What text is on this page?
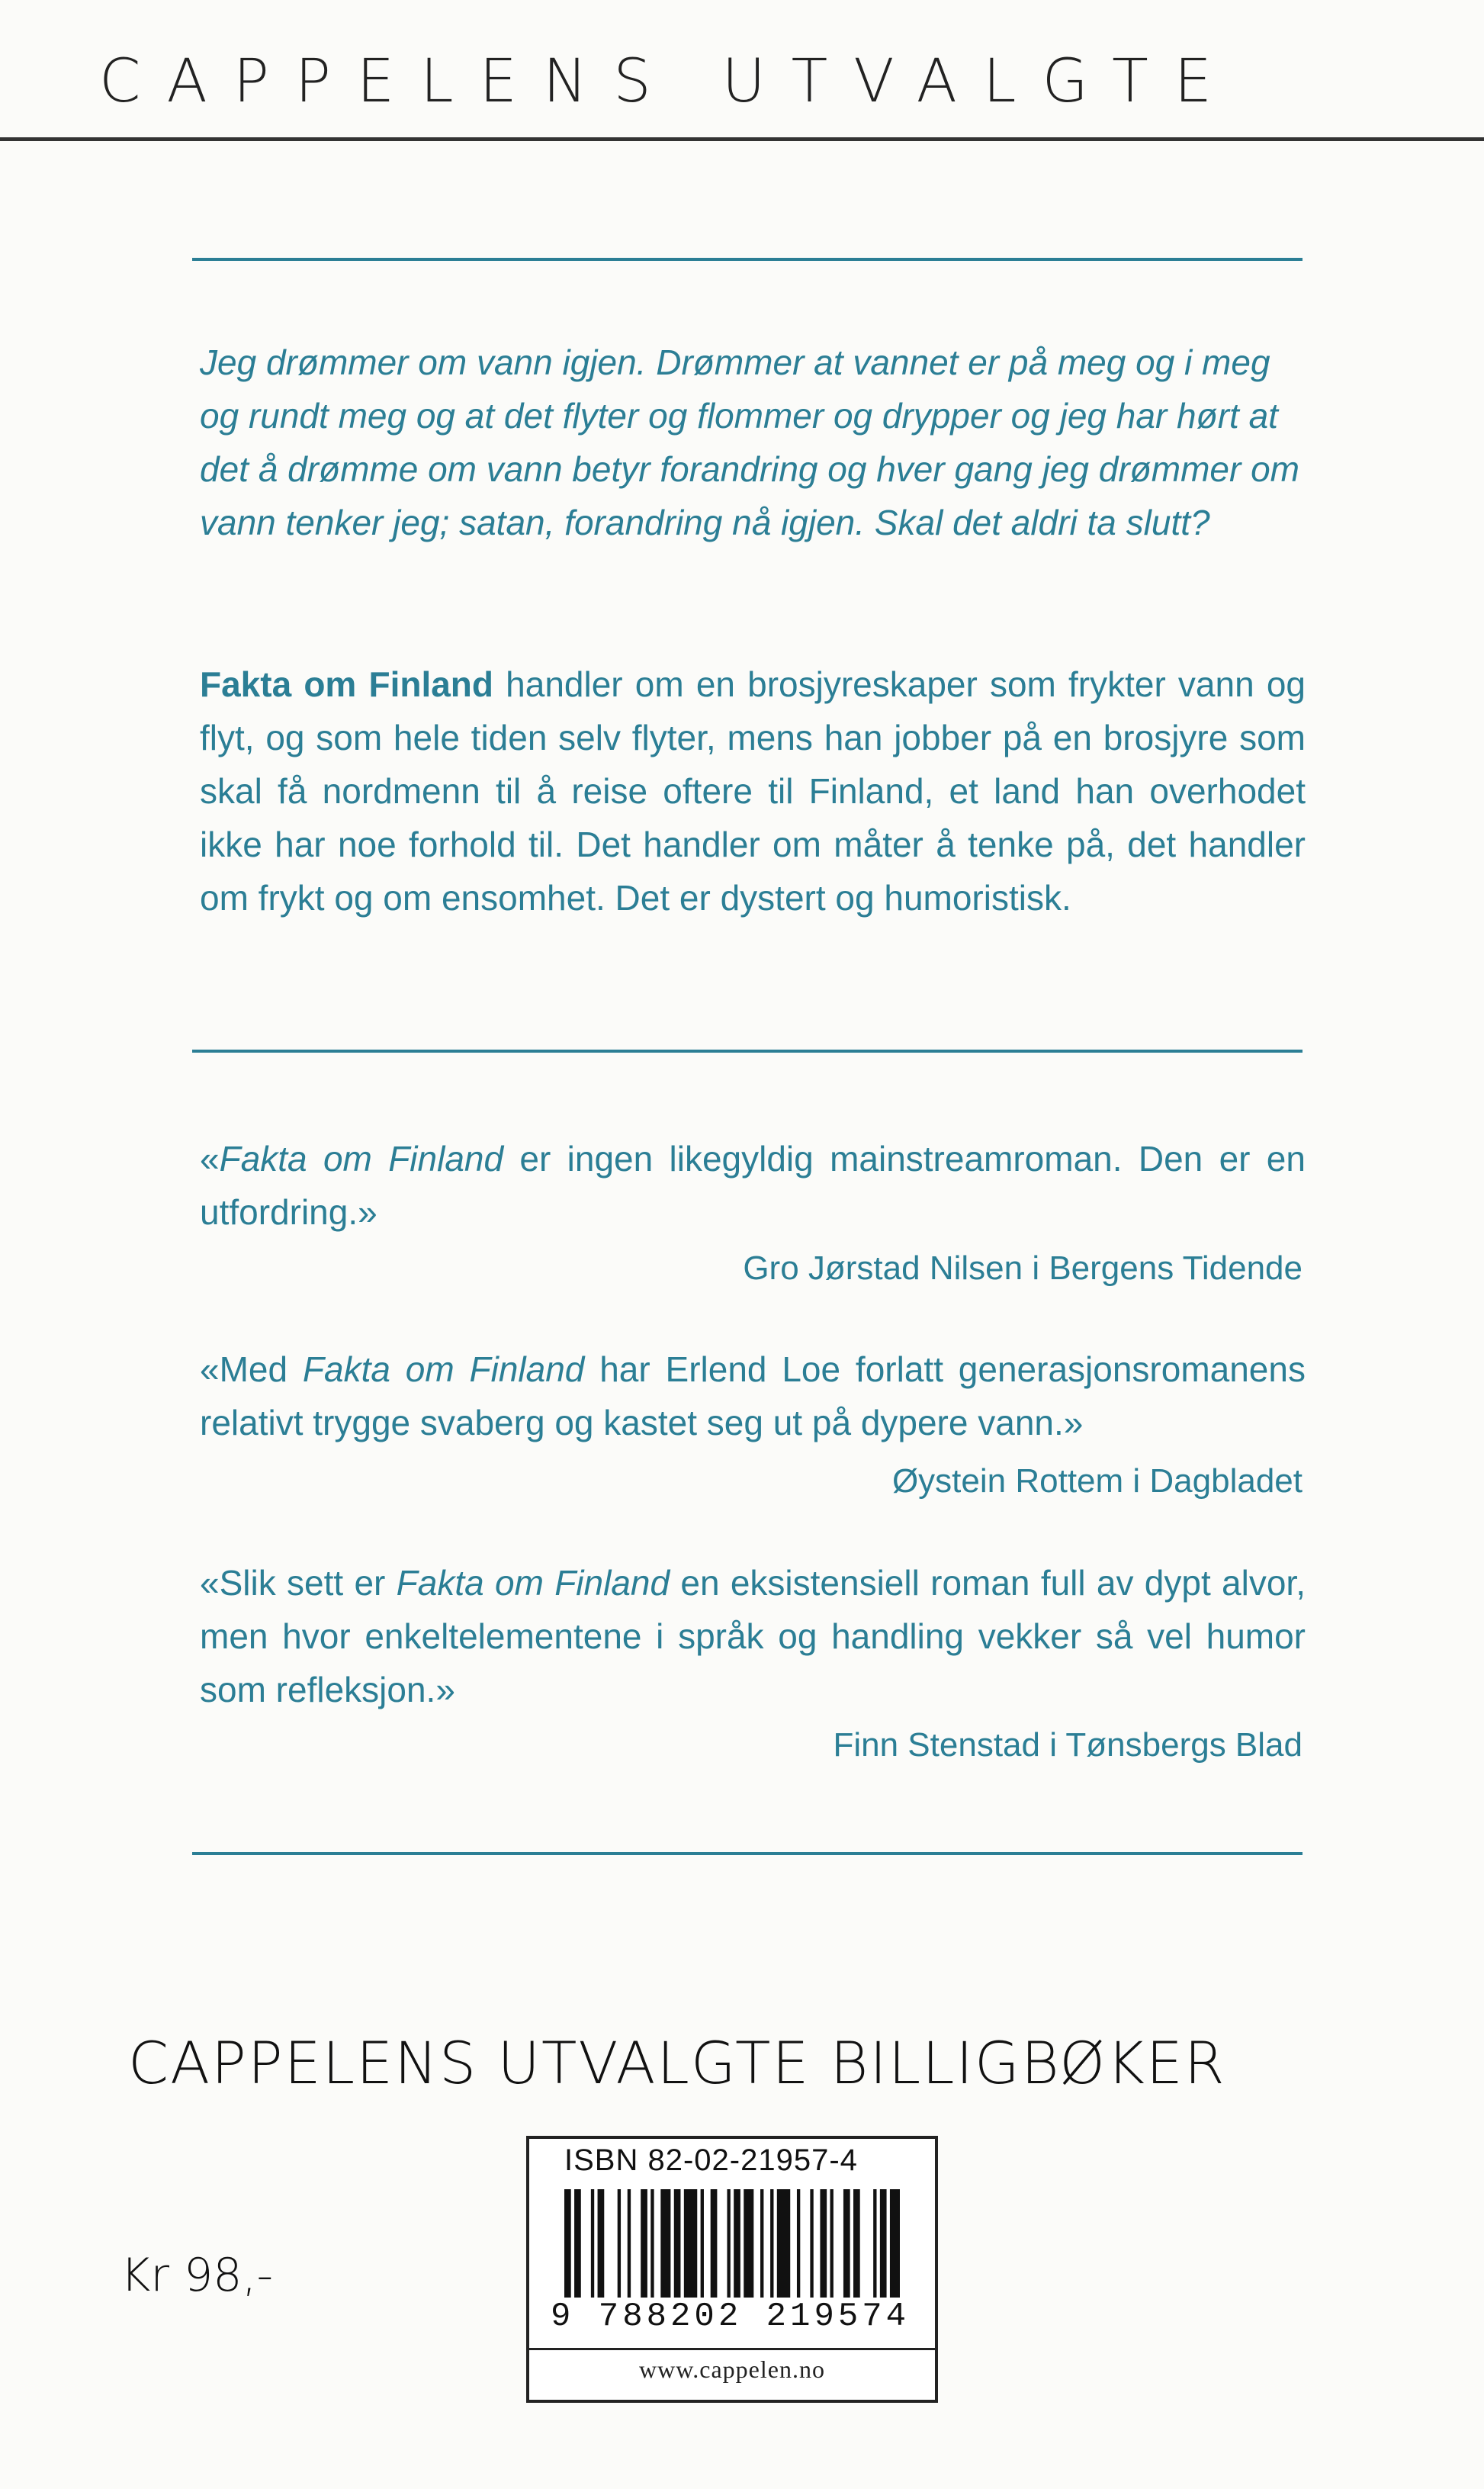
CAPPELENS UTVALGTE
Jeg drømmer om vann igjen. Drømmer at vannet er på meg og i meg og rundt meg og at det flyter og flommer og drypper og jeg har hørt at det å drømme om vann betyr forandring og hver gang jeg drømmer om vann tenker jeg; satan, forandring nå igjen. Skal det aldri ta slutt?
Fakta om Finland handler om en brosjyreskaper som frykter vann og flyt, og som hele tiden selv flyter, mens han jobber på en brosjyre som skal få nordmenn til å reise oftere til Finland, et land han overhodet ikke har noe forhold til. Det handler om måter å tenke på, det handler om frykt og om ensomhet. Det er dystert og humoristisk.
«Fakta om Finland er ingen likegyldig mainstreamroman. Den er en utfordring.»
Gro Jørstad Nilsen i Bergens Tidende
«Med Fakta om Finland har Erlend Loe forlatt generasjonsromanens relativt trygge svaberg og kastet seg ut på dypere vann.»
Øystein Rottem i Dagbladet
«Slik sett er Fakta om Finland en eksistensiell roman full av dypt alvor, men hvor enkeltelementene i språk og handling vekker så vel humor som refleksjon.»
Finn Stenstad i Tønsbergs Blad
CAPPELENS UTVALGTE BILLIGBØKER
ISBN 82-02-21957-4
9 788202 219574
www.cappelen.no
Kr 98,-
